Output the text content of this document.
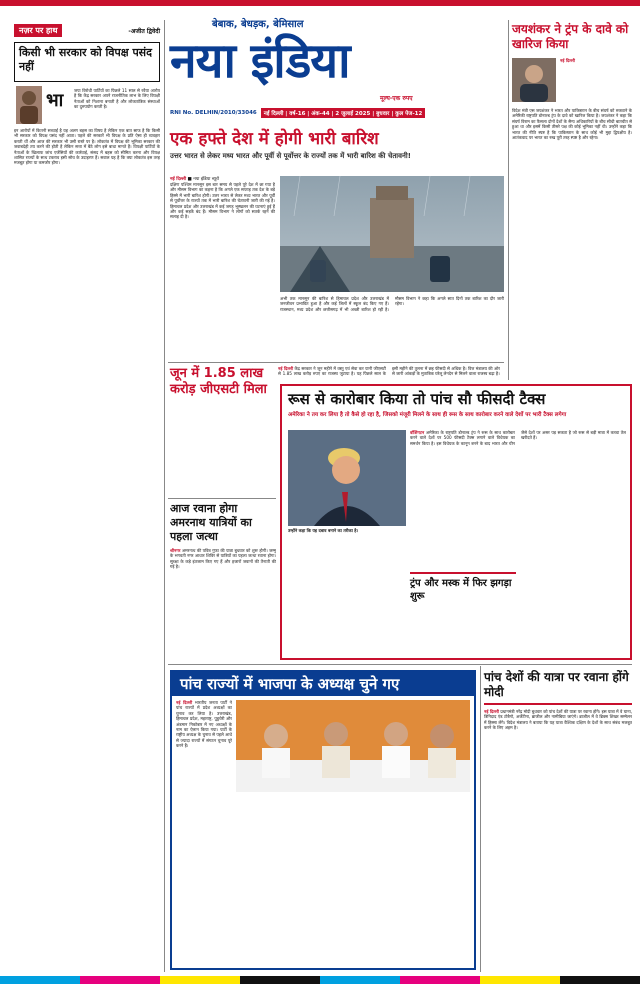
नज़र पर हाथ	-अजीत द्विवेदी
किसी भी सरकार को विपक्ष पसंद नहीं
भा	जपा विरोधी पार्टियों का पिछले 11 साल से रवैया आरोप है कि केंद्र सरकार अपने राजनीतिक लाभ के लिए विपक्षी नेताओं को निशाना बनाती है और लोकतांत्रिक संस्थाओं का दुरुपयोग करती है।
इन आरोपों में कितनी सच्चाई है यह अलग बहस का विषय है लेकिन एक बात साफ है कि किसी भी सरकार को विपक्ष पसंद नहीं आता। पहले की सरकारें भी विपक्ष के प्रति ऐसा ही व्यवहार करती थीं और आज की सरकार भी उसी रास्ते पर है। लोकतंत्र में विपक्ष की भूमिका सरकार की जवाबदेही तय करने की होती है लेकिन सत्ता में बैठे लोग इसे बाधा मानते हैं। विपक्षी पार्टियों के नेताओं के खिलाफ जांच एजेंसियों की कार्रवाई, संसद में बहस को सीमित करना और विपक्ष शासित राज्यों के साथ टकराव इसी सोच के उदाहरण हैं। सवाल यह है कि क्या लोकतंत्र इस तरह मजबूत होगा या कमजोर होगा।
बेबाक, बेधड़क, बेमिसाल
नया इंडिया
मूल्य-एक रुपए
RNI No. DELHIN/2010/33046	नई दिल्ली | वर्ष-16 | अंक-44 | 2 जुलाई 2025 | बुधवार | कुल पेज-12
एक हफ्ते देश में होगी भारी बारिश
उत्तर भारत से लेकर मध्य भारत और पूर्वी से पूर्वोत्तर के राज्यों तक में भारी बारिश की चेतावनी!
नई दिल्ली ■ नया इंडिया ब्यूरो
दक्षिण पश्चिम मानसून इस बार समय से पहले पूरे देश में छा गया है और मौसम विभाग का कहना है कि अगले एक सप्ताह तक देश के बड़े हिस्से में भारी बारिश होगी। उत्तर भारत से लेकर मध्य भारत और पूर्वी से पूर्वोत्तर के राज्यों तक में भारी बारिश की चेतावनी जारी की गई है। हिमाचल प्रदेश और उत्तराखंड में कई जगह भूस्खलन की घटनाएं हुई हैं और कई सड़कें बंद हैं। मौसम विभाग ने लोगों को सतर्क रहने की सलाह दी है।
अभी तक मानसून की बारिश से हिमाचल प्रदेश और उत्तराखंड में जनजीवन प्रभावित हुआ है और कई जिलों में स्कूल बंद किए गए हैं। राजस्थान, मध्य प्रदेश और छत्तीसगढ़ में भी अच्छी बारिश हो रही है। मौसम विभाग ने कहा कि अगले सात दिनों तक बारिश का दौर जारी रहेगा।
जयशंकर ने ट्रंप के दावे को खारिज किया
नई दिल्ली
विदेश मंत्री एस जयशंकर ने भारत और पाकिस्तान के बीच संघर्ष को रुकवाने के अमेरिकी राष्ट्रपति डोनाल्ड ट्रंप के दावे को खारिज किया है। जयशंकर ने कहा कि संघर्ष विराम का फैसला दोनों देशों के सैन्य अधिकारियों के बीच सीधी बातचीत से हुआ था और इसमें किसी तीसरे पक्ष की कोई भूमिका नहीं थी। उन्होंने कहा कि भारत की नीति स्पष्ट है कि पाकिस्तान के साथ कोई भी मुद्दा द्विपक्षीय है। आतंकवाद पर भारत का रुख पूरी तरह स्पष्ट है और रहेगा।
जून में 1.85 लाख करोड़ जीएसटी मिला
नई दिल्ली केंद्र सरकार ने जून महीने में वस्तु एवं सेवा कर यानी जीएसटी से 1.85 लाख करोड़ रुपए का राजस्व जुटाया है। यह पिछले साल के इसी महीने की तुलना में छह फीसदी से अधिक है। वित्त मंत्रालय की ओर से जारी आंकड़ों के मुताबिक घरेलू लेनदेन से मिलने वाला राजस्व बढ़ा है।
आज रवाना होगा अमरनाथ यात्रियों का पहला जत्था
श्रीनगर अमरनाथ की पवित्र गुफा की यात्रा बुधवार को शुरू होगी। जम्मू के भगवती नगर आधार शिविर से यात्रियों का पहला जत्था रवाना होगा। सुरक्षा के कड़े इंतजाम किए गए हैं और हजारों जवानों की तैनाती की गई है।
रूस से कारोबार किया तो पांच सौ फीसदी टैक्स
अमेरिका ने तय कर लिया है तो कैसे हो रहा है, जिसको मंजूरी मिलने के साथ ही रूस के साथ कारोबार करने वाले देशों पर भारी टैक्स लगेगा
उन्होंने कहा कि यह दबाव बनाने का तरीका है।
वॉशिंगटन अमेरिका के राष्ट्रपति डोनाल्ड ट्रंप ने रूस के साथ कारोबार करने वाले देशों पर 500 फीसदी टैक्स लगाने वाले विधेयक का समर्थन किया है। इस विधेयक के कानून बनने के बाद भारत और चीन जैसे देशों पर असर पड़ सकता है जो रूस से बड़ी मात्रा में कच्चा तेल खरीदते हैं।
ट्रंप और मस्क में फिर झगड़ा शुरू
पांच राज्यों में भाजपा के अध्यक्ष चुने गए
नई दिल्ली भारतीय जनता पार्टी ने पांच राज्यों में प्रदेश अध्यक्षों का चुनाव कर लिया है। उत्तराखंड, हिमाचल प्रदेश, महाराष्ट्र, पुडुचेरी और अंडमान निकोबार में नए अध्यक्षों के नाम का ऐलान किया गया। पार्टी के राष्ट्रीय अध्यक्ष के चुनाव से पहले आधे से ज्यादा राज्यों में संगठन चुनाव पूरे करने हैं।
पांच देशों की यात्रा पर रवाना होंगे मोदी
नई दिल्ली प्रधानमंत्री नरेंद्र मोदी बुधवार को पांच देशों की यात्रा पर रवाना होंगे। इस यात्रा में वे घाना, त्रिनिदाद एंड टोबैगो, अर्जेंटीना, ब्राजील और नामीबिया जाएंगे। ब्राजील में वे ब्रिक्स शिखर सम्मेलन में हिस्सा लेंगे। विदेश मंत्रालय ने बताया कि यह यात्रा वैश्विक दक्षिण के देशों के साथ संबंध मजबूत करने के लिए अहम है।
